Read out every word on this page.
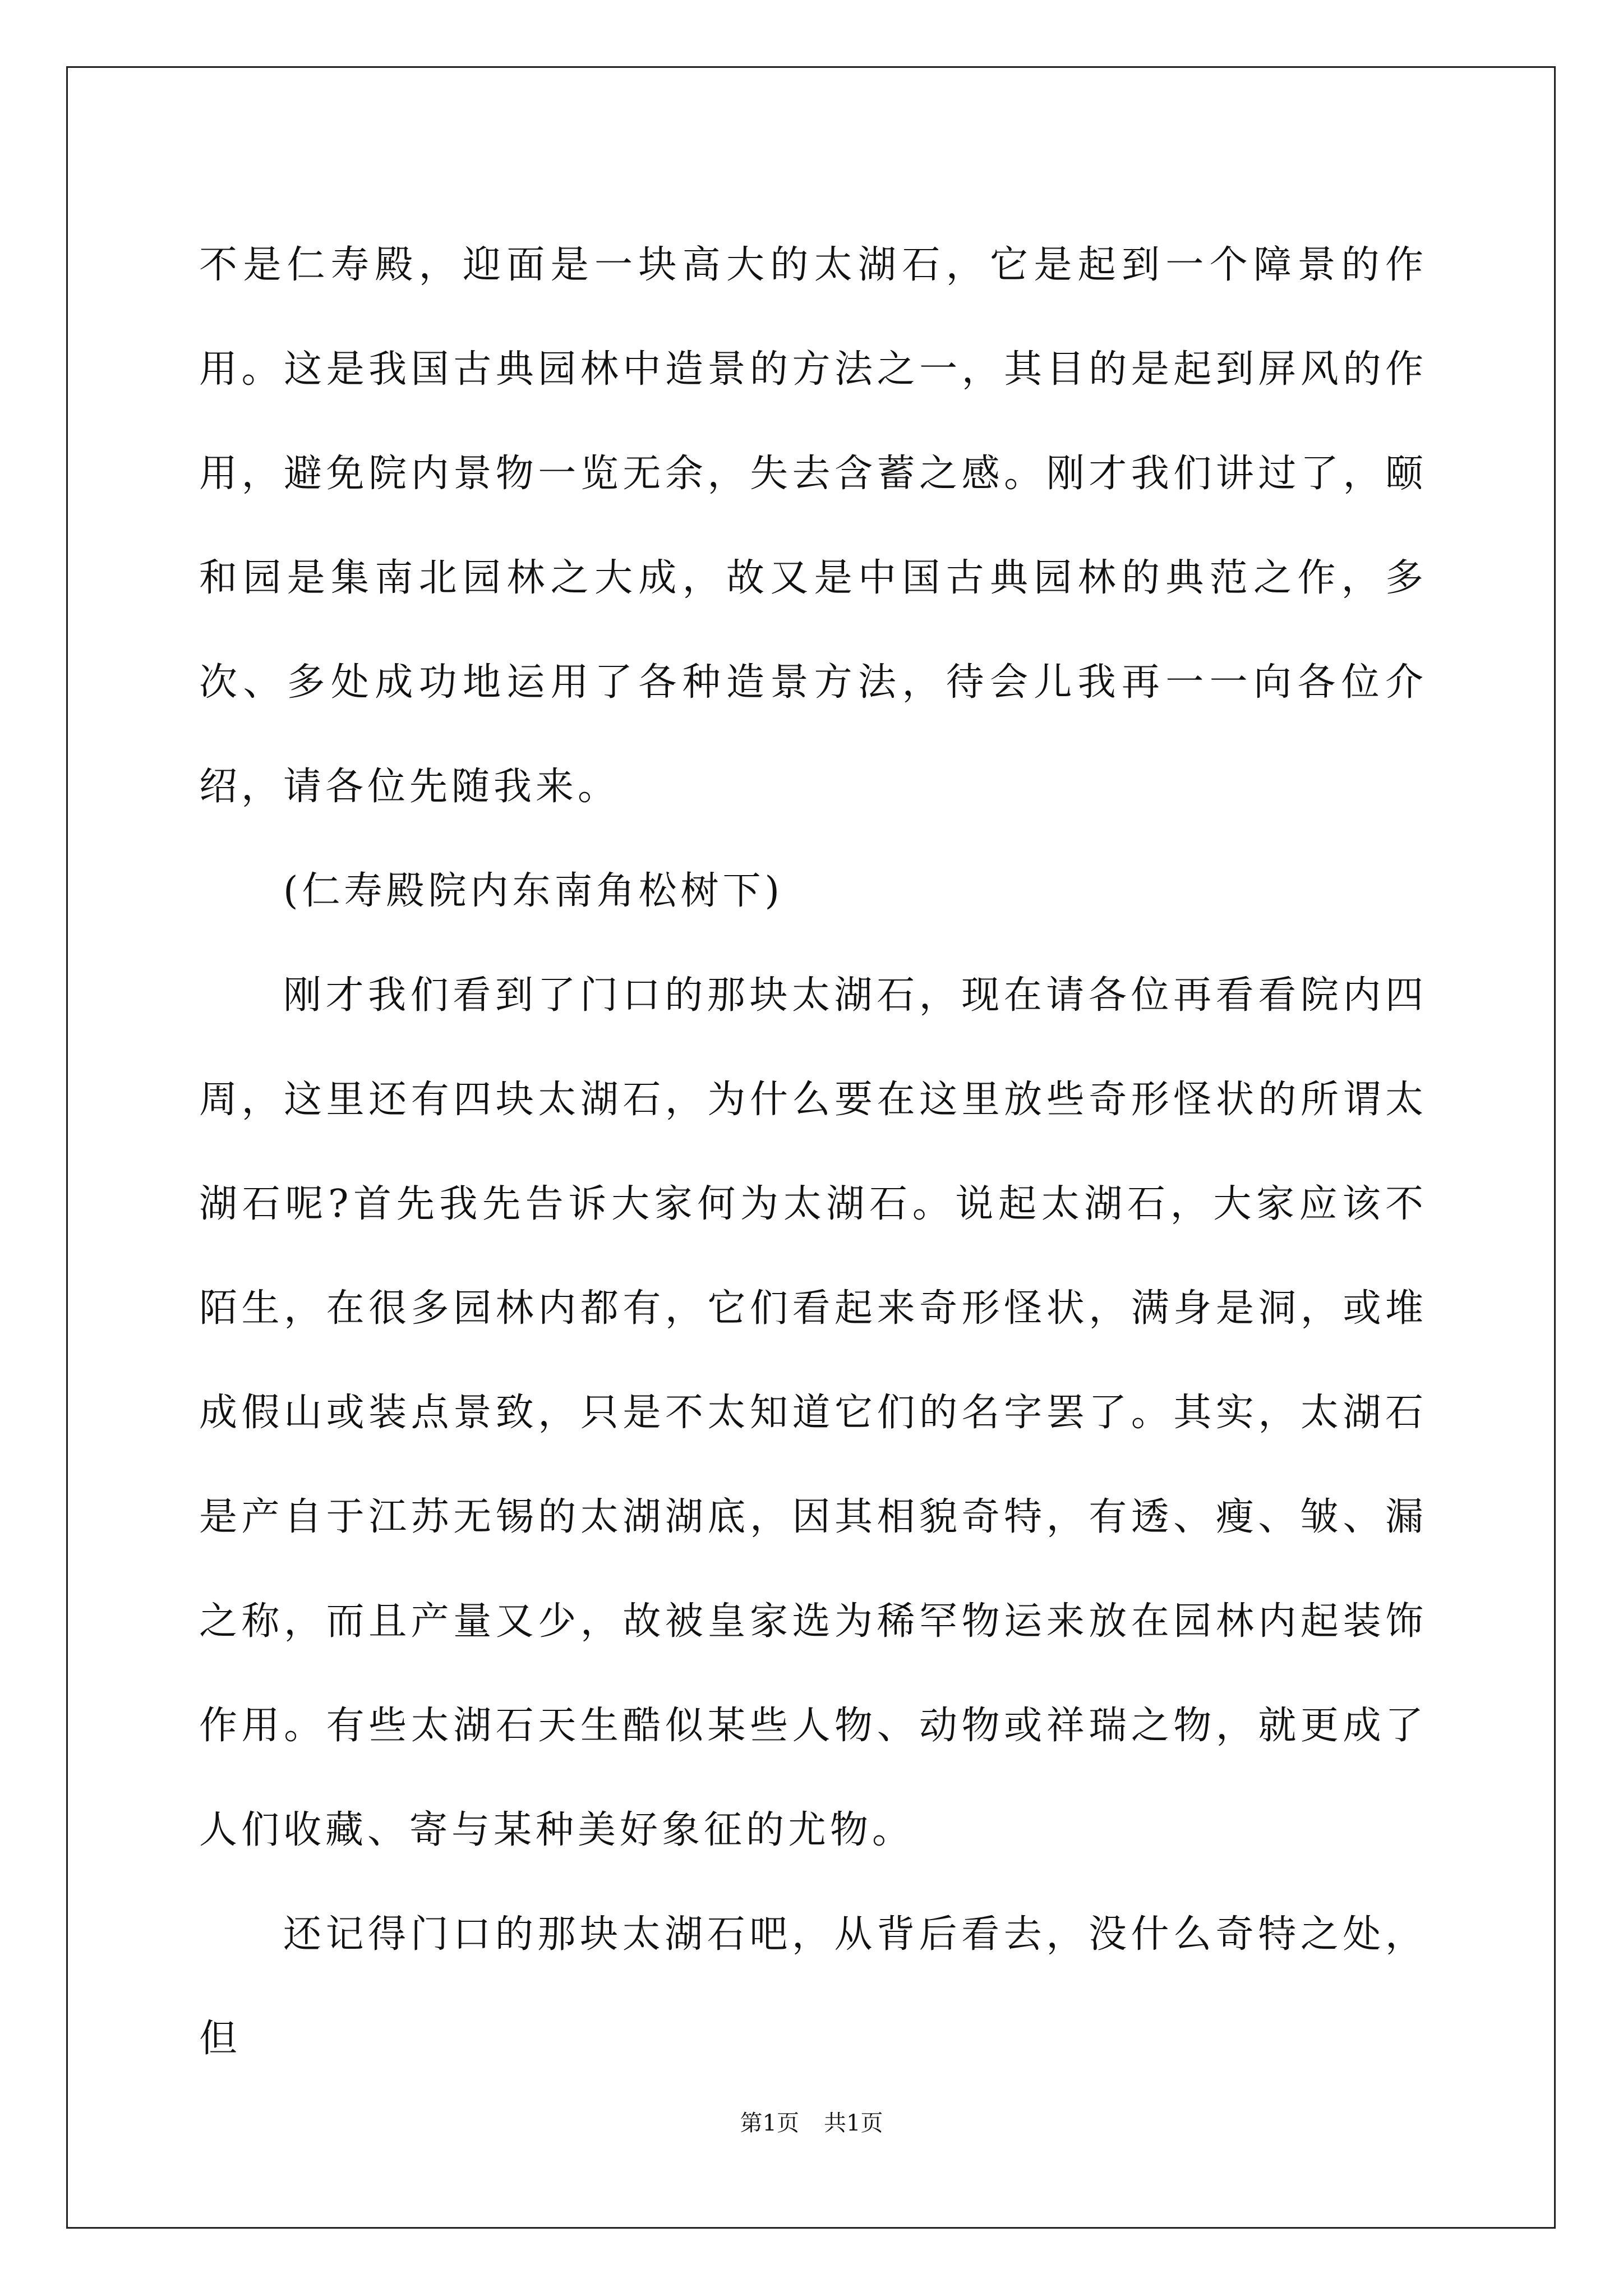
不是仁寿殿，迎面是一块高大的太湖石，它是起到一个障景的作用。这是我国古典园林中造景的方法之一，其目的是起到屏风的作用，避免院内景物一览无余，失去含蓄之感。刚才我们讲过了，颐和园是集南北园林之大成，故又是中国古典园林的典范之作，多次、多处成功地运用了各种造景方法，待会儿我再一一向各位介绍，请各位先随我来。

(仁寿殿院内东南角松树下)

刚才我们看到了门口的那块太湖石，现在请各位再看看院内四周，这里还有四块太湖石，为什么要在这里放些奇形怪状的所谓太湖石呢?首先我先告诉大家何为太湖石。说起太湖石，大家应该不陌生，在很多园林内都有，它们看起来奇形怪状，满身是洞，或堆成假山或装点景致，只是不太知道它们的名字罢了。其实，太湖石是产自于江苏无锡的太湖湖底，因其相貌奇特，有透、瘦、皱、漏之称，而且产量又少，故被皇家选为稀罕物运来放在园林内起装饰作用。有些太湖石天生酷似某些人物、动物或祥瑞之物，就更成了人们收藏、寄与某种美好象征的尤物。

还记得门口的那块太湖石吧，从背后看去，没什么奇特之处，但

第1页 共1页
